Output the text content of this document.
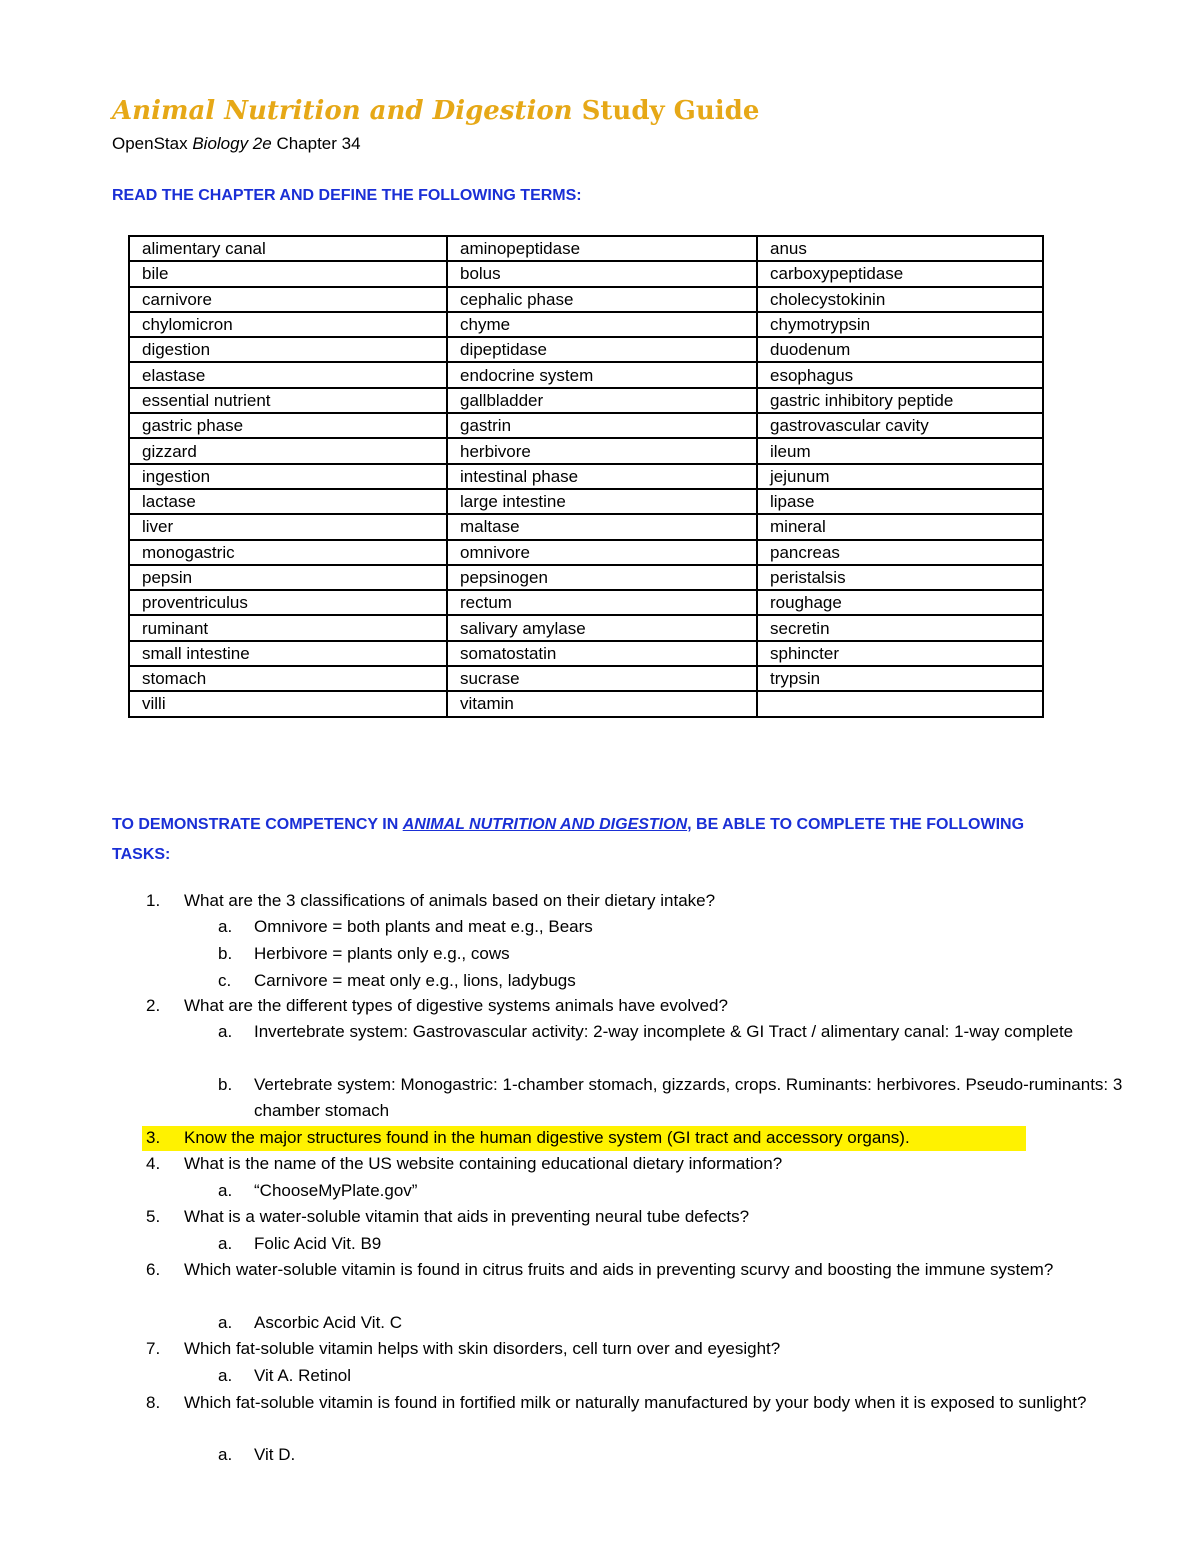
Animal Nutrition and Digestion Study Guide
OpenStax Biology 2e Chapter 34
READ THE CHAPTER AND DEFINE THE FOLLOWING TERMS:
alimentary canal	aminopeptidase	anus
bile	bolus	carboxypeptidase
carnivore	cephalic phase	cholecystokinin
chylomicron	chyme	chymotrypsin
digestion	dipeptidase	duodenum
elastase	endocrine system	esophagus
essential nutrient	gallbladder	gastric inhibitory peptide
gastric phase	gastrin	gastrovascular cavity
gizzard	herbivore	ileum
ingestion	intestinal phase	jejunum
lactase	large intestine	lipase
liver	maltase	mineral
monogastric	omnivore	pancreas
pepsin	pepsinogen	peristalsis
proventriculus	rectum	roughage
ruminant	salivary amylase	secretin
small intestine	somatostatin	sphincter
stomach	sucrase	trypsin
villi	vitamin	
TO DEMONSTRATE COMPETENCY IN ANIMAL NUTRITION AND DIGESTION, BE ABLE TO COMPLETE THE FOLLOWING TASKS:
1.	What are the 3 classifications of animals based on their dietary intake?
a.	Omnivore = both plants and meat e.g., Bears
b.	Herbivore = plants only e.g., cows
c.	Carnivore = meat only e.g., lions, ladybugs
2.	What are the different types of digestive systems animals have evolved?
a.	Invertebrate system: Gastrovascular activity: 2-way incomplete & GI Tract / alimentary canal: 1-way complete
b.	Vertebrate system: Monogastric: 1-chamber stomach, gizzards, crops. Ruminants: herbivores. Pseudo-ruminants: 3 chamber stomach
3.	Know the major structures found in the human digestive system (GI tract and accessory organs).
4.	What is the name of the US website containing educational dietary information?
a.	“ChooseMyPlate.gov”
5.	What is a water-soluble vitamin that aids in preventing neural tube defects?
a.	Folic Acid Vit. B9
6.	Which water-soluble vitamin is found in citrus fruits and aids in preventing scurvy and boosting the immune system?
a.	Ascorbic Acid Vit. C
7.	Which fat-soluble vitamin helps with skin disorders, cell turn over and eyesight?
a.	Vit A. Retinol
8.	Which fat-soluble vitamin is found in fortified milk or naturally manufactured by your body when it is exposed to sunlight?
a.	Vit D.
